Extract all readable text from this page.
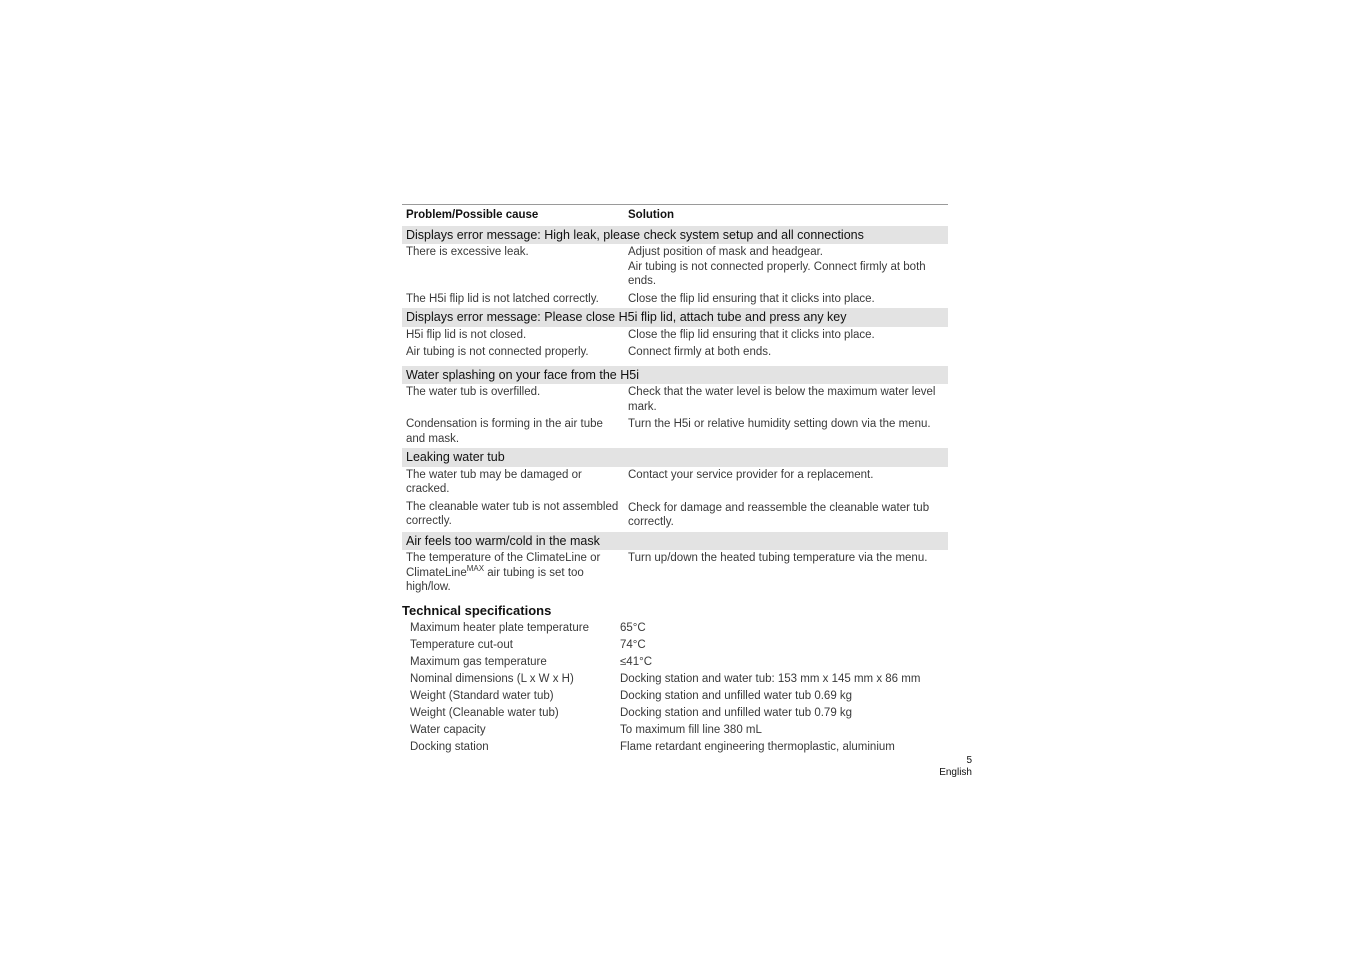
Problem/Possible cause	Solution
Displays error message: High leak, please check system setup and all connections	
There is excessive leak.	Adjust position of mask and headgear.
Air tubing is not connected properly. Connect firmly at both ends.

The H5i flip lid is not latched correctly.	Close the flip lid ensuring that it clicks into place.
Displays error message: Please close H5i flip lid, attach tube and press any key	
H5i flip lid is not closed.	Close the flip lid ensuring that it clicks into place.
Air tubing is not connected properly.	Connect firmly at both ends.
Water splashing on your face from the H5i	
The water tub is overfilled.	Check that the water level is below the maximum water level mark.
Condensation is forming in the air tube and mask.	Turn the H5i or relative humidity setting down via the menu.
Leaking water tub	
The water tub may be damaged or cracked.	Contact your service provider for a replacement.
The cleanable water tub is not assembled correctly.	Check for damage and reassemble the cleanable water tub correctly.
Air feels too warm/cold in the mask	
The temperature of the ClimateLine or ClimateLine$^{MAX}$ air tubing is set too high/low.	Turn up/down the heated tubing temperature via the menu.
Technical specifications
Maximum heater plate temperature	65°C
Temperature cut-out	74°C
Maximum gas temperature	≤41°C
Nominal dimensions (L x W x H)	Docking station and water tub: 153 mm x 145 mm x 86 mm
Weight (Standard water tub)	Docking station and unfilled water tub 0.69 kg
Weight (Cleanable water tub)	Docking station and unfilled water tub 0.79 kg
Water capacity	To maximum fill line 380 mL
Docking station	Flame retardant engineering thermoplastic, aluminium
5
English
